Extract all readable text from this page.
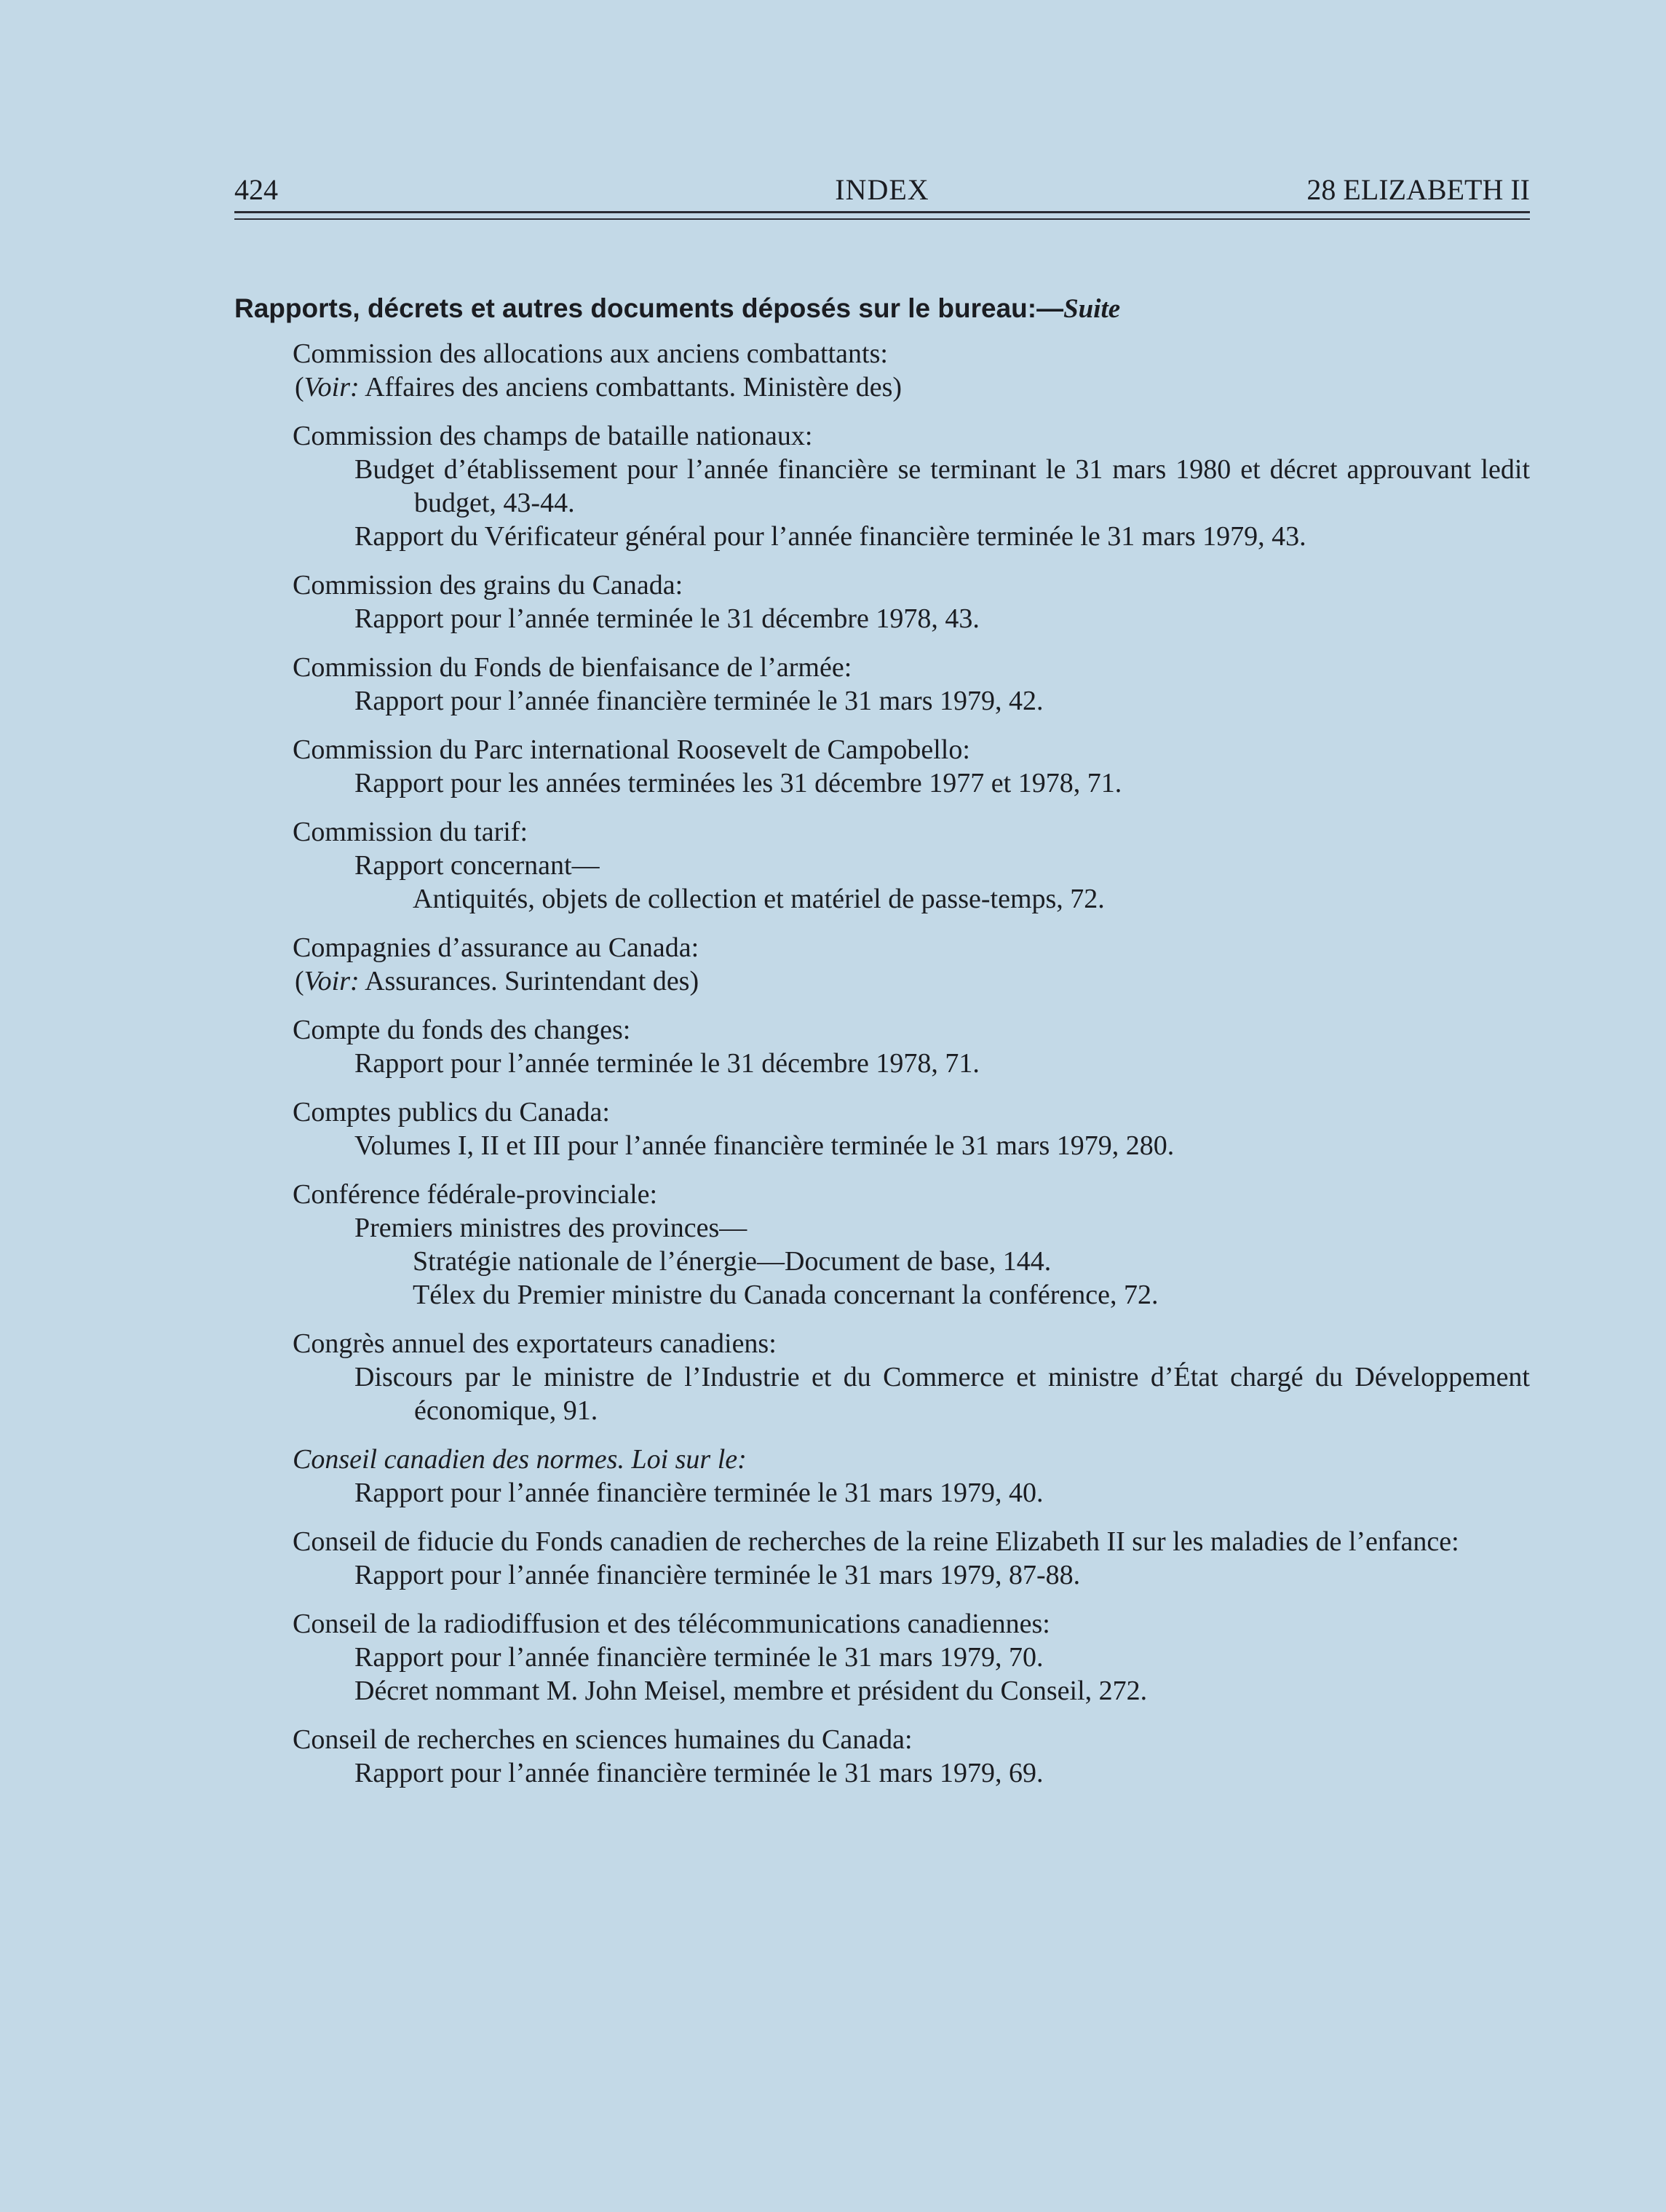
424	INDEX	28 ELIZABETH II
Rapports, décrets et autres documents déposés sur le bureau:—Suite
Commission des allocations aux anciens combattants:
(Voir: Affaires des anciens combattants. Ministère des)
Commission des champs de bataille nationaux:
Budget d’établissement pour l’année financière se terminant le 31 mars 1980 et décret approuvant ledit budget, 43-44.
Rapport du Vérificateur général pour l’année financière terminée le 31 mars 1979, 43.
Commission des grains du Canada:
Rapport pour l’année terminée le 31 décembre 1978, 43.
Commission du Fonds de bienfaisance de l’armée:
Rapport pour l’année financière terminée le 31 mars 1979, 42.
Commission du Parc international Roosevelt de Campobello:
Rapport pour les années terminées les 31 décembre 1977 et 1978, 71.
Commission du tarif:
Rapport concernant—
Antiquités, objets de collection et matériel de passe-temps, 72.
Compagnies d’assurance au Canada:
(Voir: Assurances. Surintendant des)
Compte du fonds des changes:
Rapport pour l’année terminée le 31 décembre 1978, 71.
Comptes publics du Canada:
Volumes I, II et III pour l’année financière terminée le 31 mars 1979, 280.
Conférence fédérale-provinciale:
Premiers ministres des provinces—
Stratégie nationale de l’énergie—Document de base, 144.
Télex du Premier ministre du Canada concernant la conférence, 72.
Congrès annuel des exportateurs canadiens:
Discours par le ministre de l’Industrie et du Commerce et ministre d’État chargé du Développement économique, 91.
Conseil canadien des normes. Loi sur le:
Rapport pour l’année financière terminée le 31 mars 1979, 40.
Conseil de fiducie du Fonds canadien de recherches de la reine Elizabeth II sur les maladies de l’enfance:
Rapport pour l’année financière terminée le 31 mars 1979, 87-88.
Conseil de la radiodiffusion et des télécommunications canadiennes:
Rapport pour l’année financière terminée le 31 mars 1979, 70.
Décret nommant M. John Meisel, membre et président du Conseil, 272.
Conseil de recherches en sciences humaines du Canada:
Rapport pour l’année financière terminée le 31 mars 1979, 69.
